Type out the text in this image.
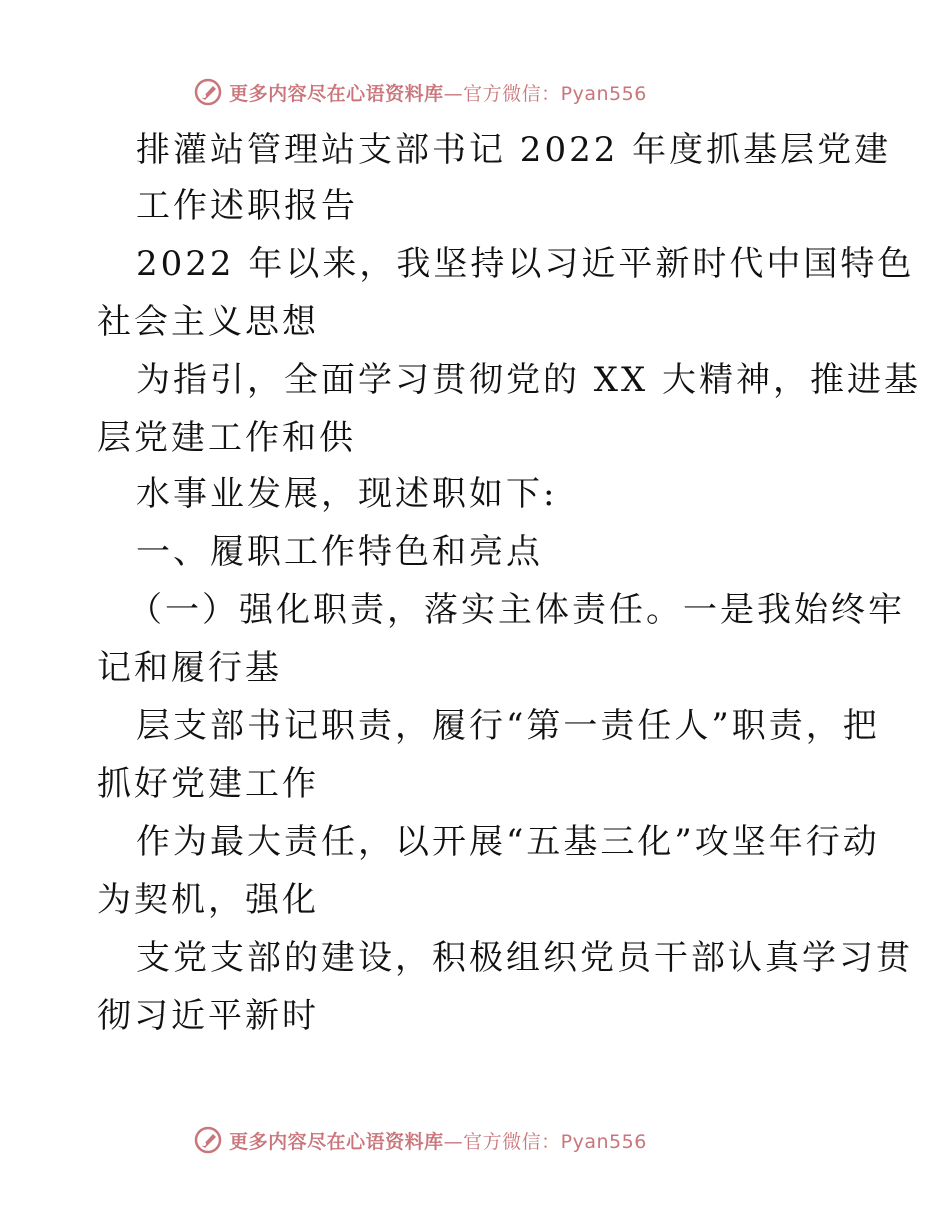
更多内容尽在心语资料库 —官方微信：Pyan556
排灌站管理站支部书记 2022 年度抓基层党建
工作述职报告
2022 年以来，我坚持以习近平新时代中国特色
社会主义思想
为指引，全面学习贯彻党的 XX 大精神，推进基
层党建工作和供
水事业发展，现述职如下:
一、履职工作特色和亮点
（一）强化职责，落实主体责任。一是我始终牢
记和履行基
层支部书记职责，履行“第一责任人”职责，把
抓好党建工作
作为最大责任，以开展“五基三化”攻坚年行动
为契机，强化
支党支部的建设，积极组织党员干部认真学习贯
彻习近平新时
更多内容尽在心语资料库 —官方微信：Pyan556
